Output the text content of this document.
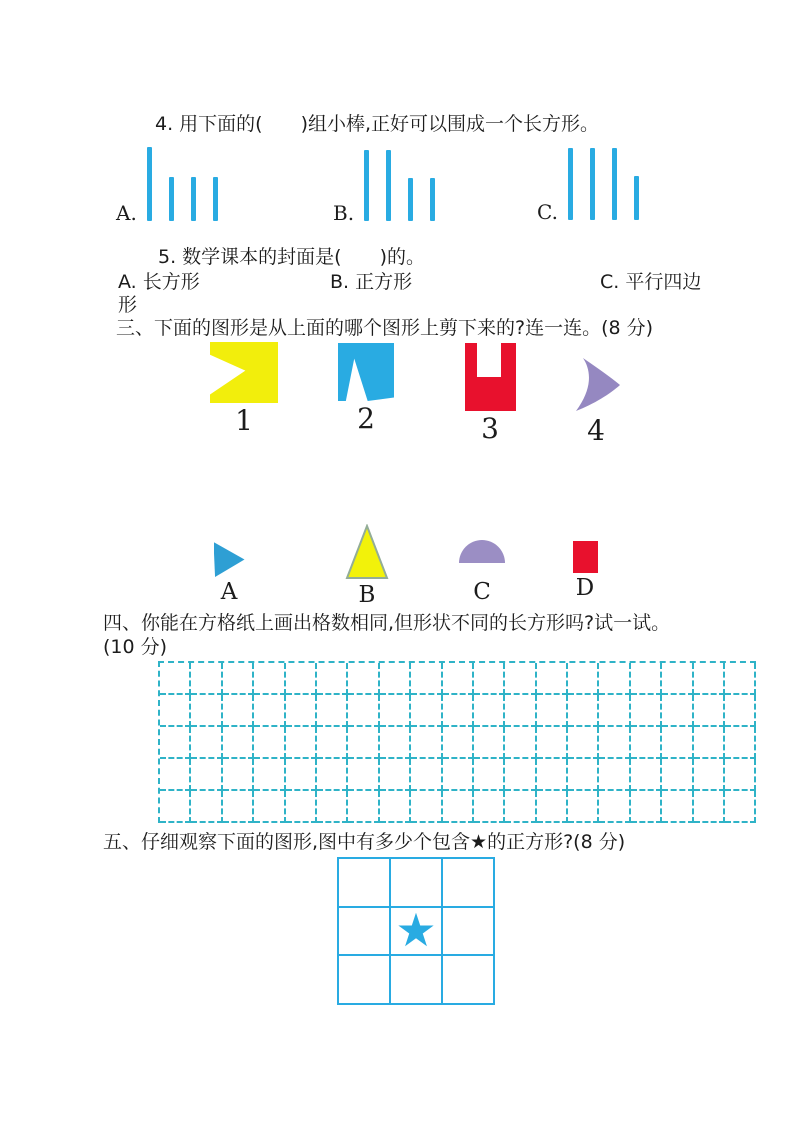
4. 用下面的(　　)组小棒,正好可以围成一个长方形。
A.	B.	C.
5. 数学课本的封面是(　　)的。
A. 长方形	B. 正方形	C. 平行四边
形
三、下面的图形是从上面的哪个图形上剪下来的?连一连。(8 分)
1	2	3	4
A	B	C	D
四、你能在方格纸上画出格数相同,但形状不同的长方形吗?试一试。
(10 分)
五、仔细观察下面的图形,图中有多少个包含★的正方形?(8 分)
★
